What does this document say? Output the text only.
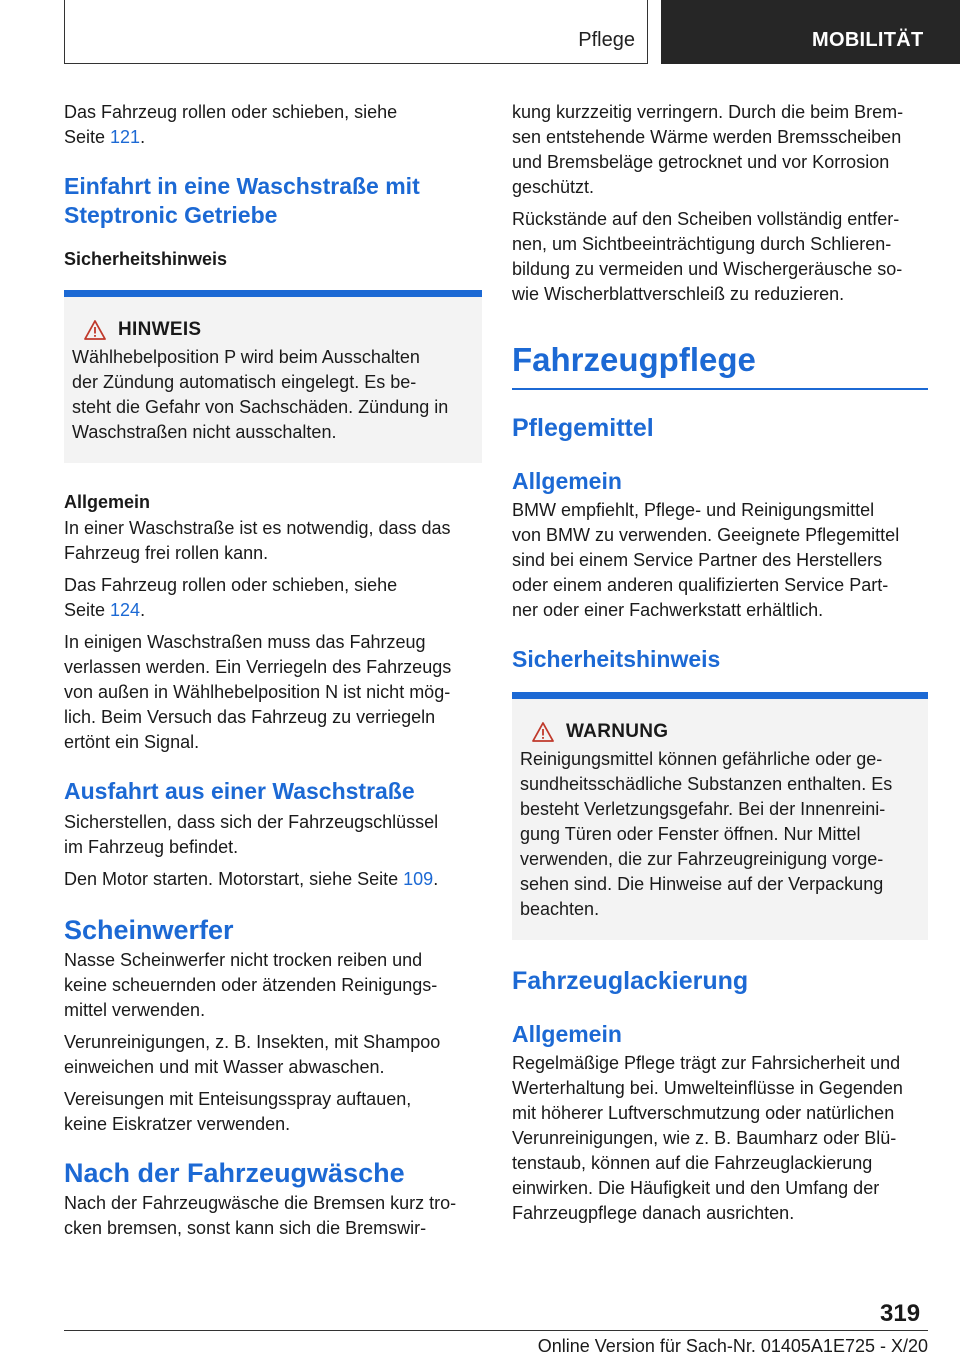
Pflege	MOBILITÄT

Das Fahrzeug rollen oder schieben, siehe
Seite 121.

Einfahrt in eine Waschstraße mit
Steptronic Getriebe
Sicherheitshinweis
HINWEIS

Wählhebelposition P wird beim Ausschalten
der Zündung automatisch eingelegt. Es be‐
steht die Gefahr von Sachschäden. Zündung in
Waschstraßen nicht ausschalten.

Allgemein

In einer Waschstraße ist es notwendig, dass das
Fahrzeug frei rollen kann.

Das Fahrzeug rollen oder schieben, siehe
Seite 124.

In einigen Waschstraßen muss das Fahrzeug
verlassen werden. Ein Verriegeln des Fahrzeugs
von außen in Wählhebelposition N ist nicht mög‐
lich. Beim Versuch das Fahrzeug zu verriegeln
ertönt ein Signal.

Ausfahrt aus einer Waschstraße

Sicherstellen, dass sich der Fahrzeugschlüssel
im Fahrzeug befindet.

Den Motor starten. Motorstart, siehe Seite 109.

Scheinwerfer

Nasse Scheinwerfer nicht trocken reiben und
keine scheuernden oder ätzenden Reinigungs‐
mittel verwenden.

Verunreinigungen, z. B. Insekten, mit Shampoo
einweichen und mit Wasser abwaschen.

Vereisungen mit Enteisungsspray auftauen,
keine Eiskratzer verwenden.

Nach der Fahrzeugwäsche

Nach der Fahrzeugwäsche die Bremsen kurz tro‐
cken bremsen, sonst kann sich die Bremswir‐

kung kurzzeitig verringern. Durch die beim Brem‐
sen entstehende Wärme werden Bremsscheiben
und Bremsbeläge getrocknet und vor Korrosion
geschützt.

Rückstände auf den Scheiben vollständig entfer‐
nen, um Sichtbeeinträchtigung durch Schlieren‐
bildung zu vermeiden und Wischergeräusche so‐
wie Wischerblattverschleiß zu reduzieren.

Fahrzeugpflege
Pflegemittel
Allgemein

BMW empfiehlt, Pflege- und Reinigungsmittel
von BMW zu verwenden. Geeignete Pflegemittel
sind bei einem Service Partner des Herstellers
oder einem anderen qualifizierten Service Part‐
ner oder einer Fachwerkstatt erhältlich.

Sicherheitshinweis
WARNUNG

Reinigungsmittel können gefährliche oder ge‐
sundheitsschädliche Substanzen enthalten. Es
besteht Verletzungsgefahr. Bei der Innenreini‐
gung Türen oder Fenster öffnen. Nur Mittel
verwenden, die zur Fahrzeugreinigung vorge‐
sehen sind. Die Hinweise auf der Verpackung
beachten.

Fahrzeuglackierung
Allgemein

Regelmäßige Pflege trägt zur Fahrsicherheit und
Werterhaltung bei. Umwelteinflüsse in Gegenden
mit höherer Luftverschmutzung oder natürlichen
Verunreinigungen, wie z. B. Baumharz oder Blü‐
tenstaub, können auf die Fahrzeuglackierung
einwirken. Die Häufigkeit und den Umfang der
Fahrzeugpflege danach ausrichten.

319
Online Version für Sach-Nr. 01405A1E725 - X/20
